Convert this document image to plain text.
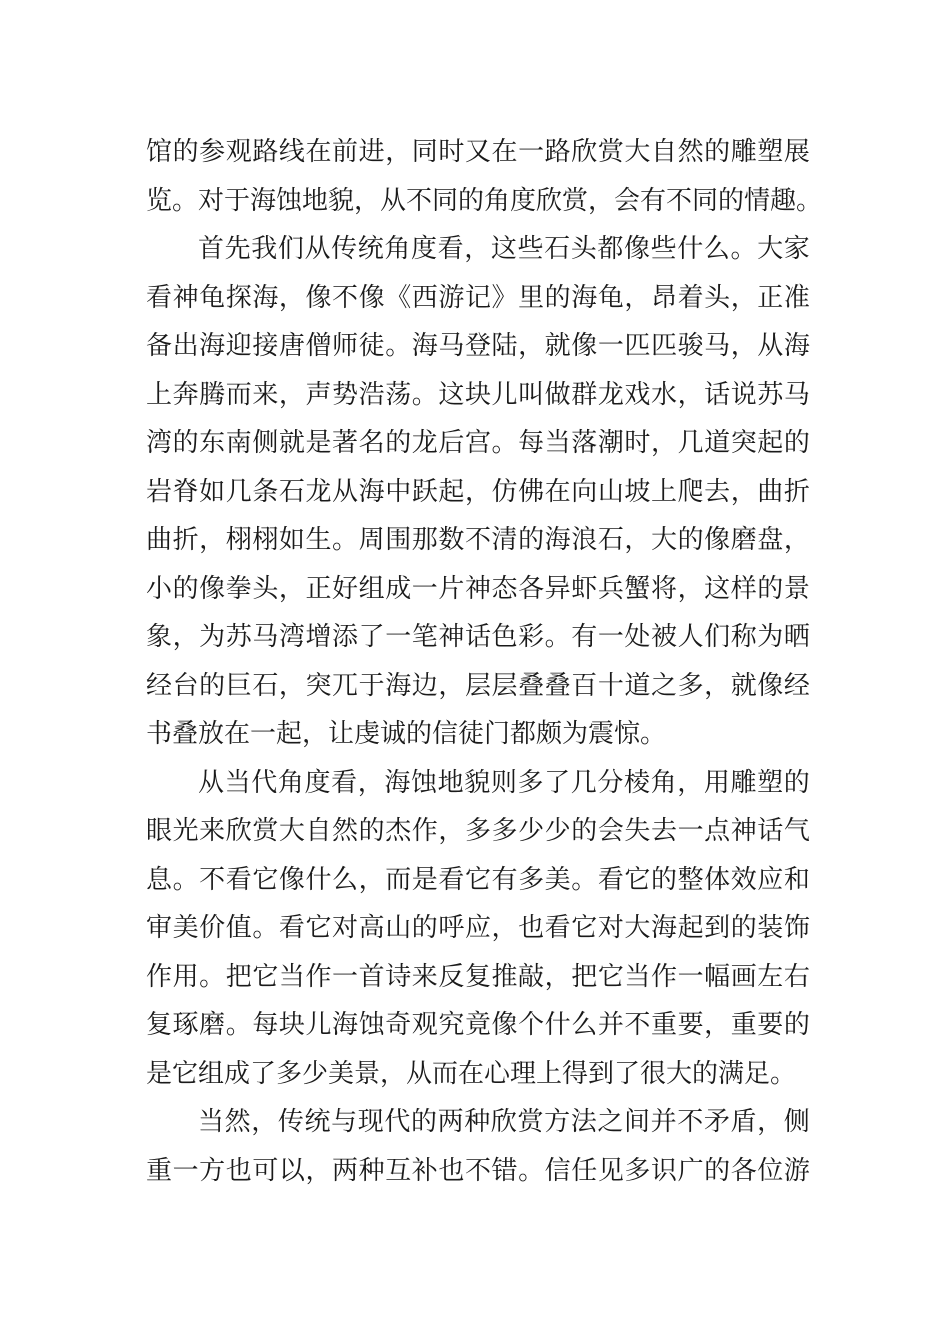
馆 的 参 观 路 线 在 前 进 ， 同 时 又 在 一 路 欣 赏 大 自 然 的 雕 塑 展
览。对于海蚀地貌，从不同的角度欣赏，会有不同的情趣。
首 先 我 们 从 传 统 角 度 看 ， 这 些 石 头 都 像 些 什 么 。 大 家
看 神 龟 探 海 ， 像 不 像 《 西 游 记 》 里 的 海 龟 ， 昂 着 头 ， 正 准
备 出 海 迎 接 唐 僧 师 徒 。 海 马 登 陆 ， 就 像 一 匹 匹 骏 马 ， 从 海
上 奔 腾 而 来 ， 声 势 浩 荡 。 这 块 儿 叫 做 群 龙 戏 水 ， 话 说 苏 马
湾 的 东 南 侧 就 是 著 名 的 龙 后 宫 。 每 当 落 潮 时 ， 几 道 突 起 的
岩 脊 如 几 条 石 龙 从 海 中 跃 起 ， 仿 佛 在 向 山 坡 上 爬 去 ， 曲 折
曲 折 ， 栩 栩 如 生 。 周 围 那 数 不 清 的 海 浪 石 ， 大 的 像 磨 盘 ，
小 的 像 拳 头 ， 正 好 组 成 一 片 神 态 各 异 虾 兵 蟹 将 ， 这 样 的 景
象 ， 为 苏 马 湾 增 添 了 一 笔 神 话 色 彩 。 有 一 处 被 人 们 称 为 晒
经 台 的 巨 石 ， 突 兀 于 海 边 ， 层 层 叠 叠 百 十 道 之 多 ， 就 像 经
书叠放在一起，让虔诚的信徒门都颇为震惊。
从 当 代 角 度 看 ， 海 蚀 地 貌 则 多 了 几 分 棱 角 ， 用 雕 塑 的
眼 光 来 欣 赏 大 自 然 的 杰 作 ， 多 多 少 少 的 会 失 去 一 点 神 话 气
息 。 不 看 它 像 什 么 ， 而 是 看 它 有 多 美 。 看 它 的 整 体 效 应 和
审 美 价 值 。 看 它 对 高 山 的 呼 应 ， 也 看 它 对 大 海 起 到 的 装 饰
作 用 。 把 它 当 作 一 首 诗 来 反 复 推 敲 ， 把 它 当 作 一 幅 画 左 右
复 琢 磨 。 每 块 儿 海 蚀 奇 观 究 竟 像 个 什 么 并 不 重 要 ， 重 要 的
是它组成了多少美景，从而在心理上得到了很大的满足。
当 然 ， 传 统 与 现 代 的 两 种 欣 赏 方 法 之 间 并 不 矛 盾 ， 侧
重 一 方 也 可 以 ， 两 种 互 补 也 不 错 。 信 任 见 多 识 广 的 各 位 游
